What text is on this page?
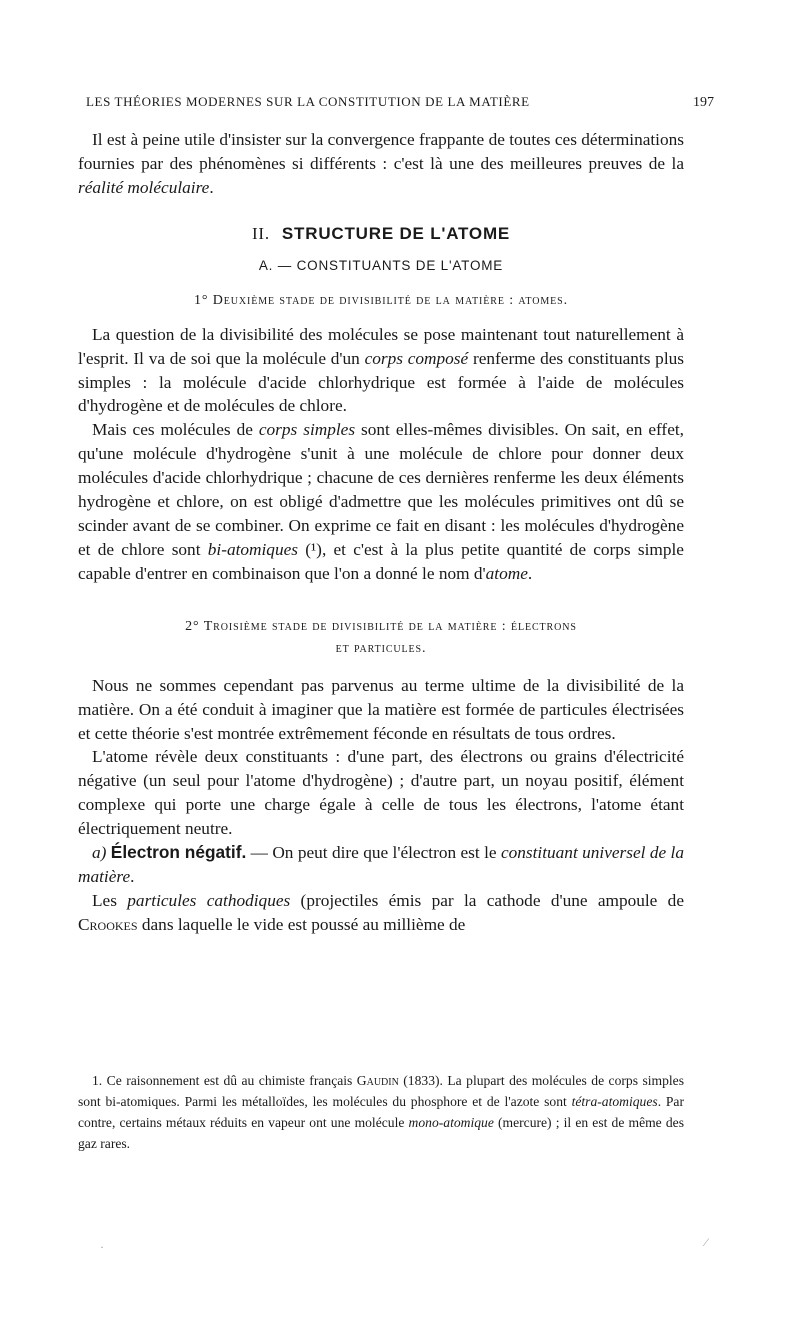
LES THÉORIES MODERNES SUR LA CONSTITUTION DE LA MATIÈRE	197

Il est à peine utile d'insister sur la convergence frappante de toutes ces déterminations fournies par des phénomènes si différents : c'est là une des meilleures preuves de la réalité moléculaire.

II. STRUCTURE DE L'ATOME
A. — CONSTITUANTS DE L'ATOME
1° Deuxième stade de divisibilité de la matière : atomes.

La question de la divisibilité des molécules se pose maintenant tout naturellement à l'esprit. Il va de soi que la molécule d'un corps composé renferme des constituants plus simples : la molécule d'acide chlorhydrique est formée à l'aide de molécules d'hydrogène et de molécules de chlore.

Mais ces molécules de corps simples sont elles-mêmes divisibles. On sait, en effet, qu'une molécule d'hydrogène s'unit à une molécule de chlore pour donner deux molécules d'acide chlorhydrique ; chacune de ces dernières renferme les deux éléments hydrogène et chlore, on est obligé d'admettre que les molécules primitives ont dû se scinder avant de se combiner. On exprime ce fait en disant : les molécules d'hydrogène et de chlore sont bi-atomiques (¹), et c'est à la plus petite quantité de corps simple capable d'entrer en combinaison que l'on a donné le nom d'atome.

2° Troisième stade de divisibilité de la matière : électrons
et particules.

Nous ne sommes cependant pas parvenus au terme ultime de la divisibilité de la matière. On a été conduit à imaginer que la matière est formée de particules électrisées et cette théorie s'est montrée extrêmement féconde en résultats de tous ordres.

L'atome révèle deux constituants : d'une part, des électrons ou grains d'électricité négative (un seul pour l'atome d'hydrogène) ; d'autre part, un noyau positif, élément complexe qui porte une charge égale à celle de tous les électrons, l'atome étant électriquement neutre.

a) Électron négatif. — On peut dire que l'électron est le constituant universel de la matière.

Les particules cathodiques (projectiles émis par la cathode d'une ampoule de Crookes dans laquelle le vide est poussé au millième de

1. Ce raisonnement est dû au chimiste français Gaudin (1833). La plupart des molécules de corps simples sont bi-atomiques. Parmi les métalloïdes, les molécules du phosphore et de l'azote sont tétra-atomiques. Par contre, certains métaux réduits en vapeur ont une molécule mono-atomique (mercure) ; il en est de même des gaz rares.
·	⁄
